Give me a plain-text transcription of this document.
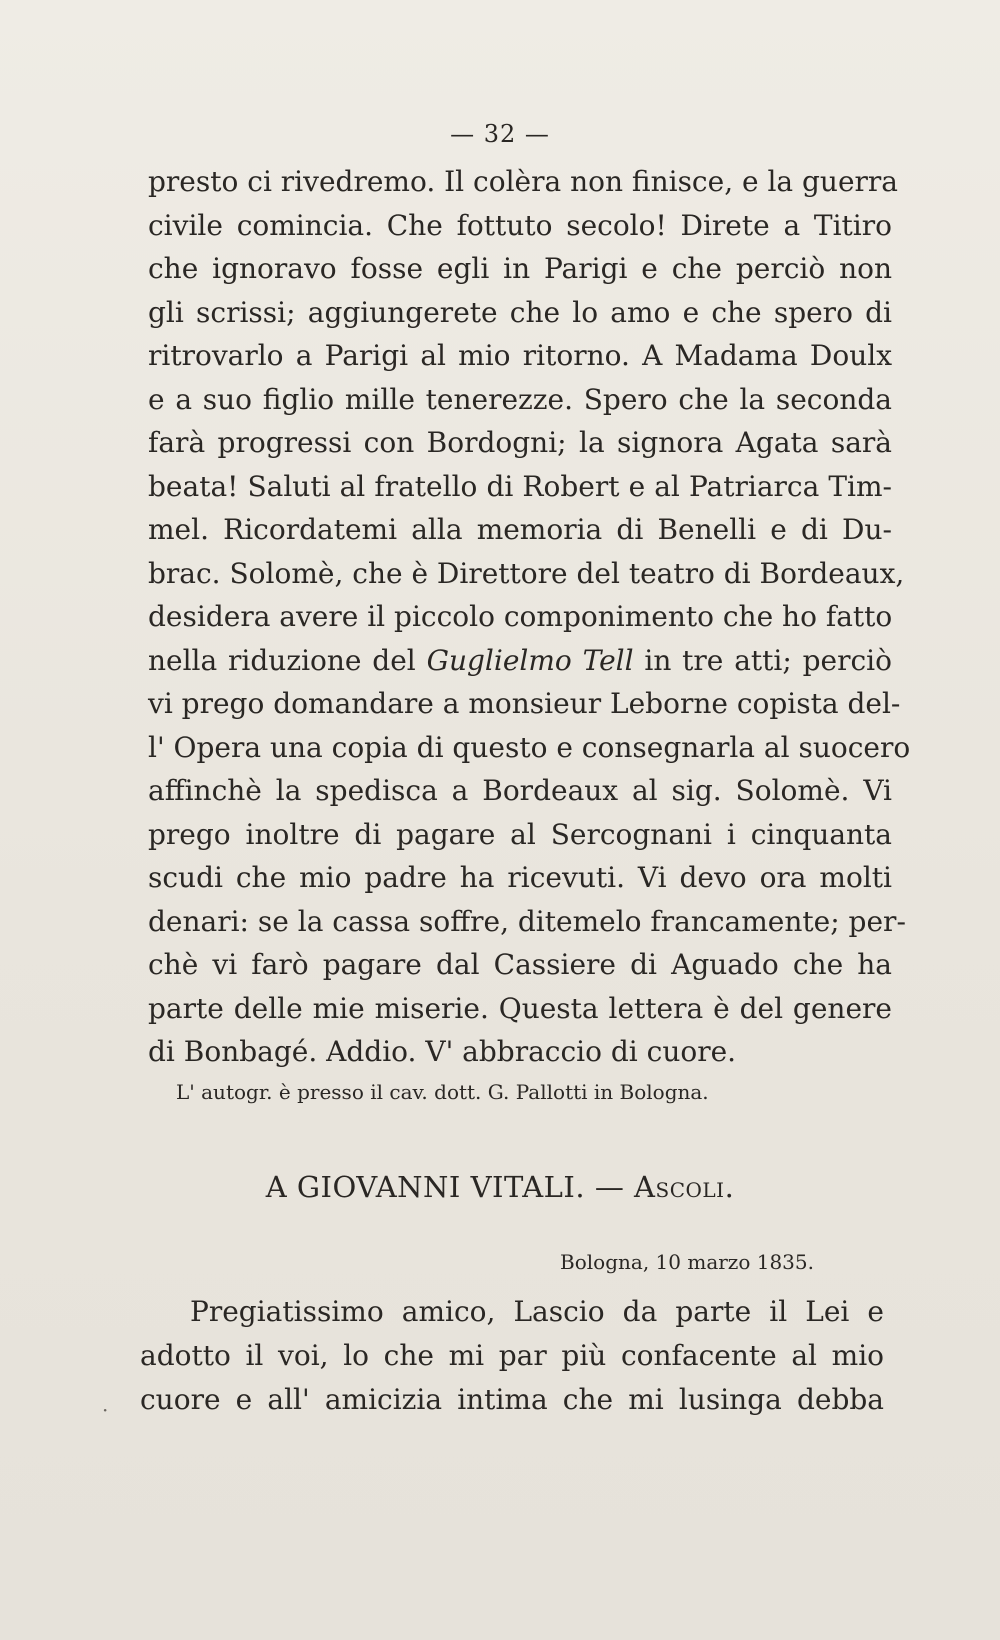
— 32 —
presto ci rivedremo. Il colèra non finisce, e la guerra
civile comincia. Che fottuto secolo! Direte a Titiro
che ignoravo fosse egli in Parigi e che perciò non
gli scrissi; aggiungerete che lo amo e che spero di
ritrovarlo a Parigi al mio ritorno. A Madama Doulx
e a suo figlio mille tenerezze. Spero che la seconda
farà progressi con Bordogni; la signora Agata sarà
beata! Saluti al fratello di Robert e al Patriarca Tim-
mel. Ricordatemi alla memoria di Benelli e di Du-
brac. Solomè, che è Direttore del teatro di Bordeaux,
desidera avere il piccolo componimento che ho fatto
nella riduzione del Guglielmo Tell in tre atti; perciò
vi prego domandare a monsieur Leborne copista del-
l' Opera una copia di questo e consegnarla al suocero
affinchè la spedisca a Bordeaux al sig. Solomè. Vi
prego inoltre di pagare al Sercognani i cinquanta
scudi che mio padre ha ricevuti. Vi devo ora molti
denari: se la cassa soffre, ditemelo francamente; per-
chè vi farò pagare dal Cassiere di Aguado che ha
parte delle mie miserie. Questa lettera è del genere
di Bonbagé. Addio. V' abbraccio di cuore.
L' autogr. è presso il cav. dott. G. Pallotti in Bologna.
A GIOVANNI VITALI. — Ascoli.
Bologna, 10 marzo 1835.
Pregiatissimo amico, Lascio da parte il Lei e
adotto il voi, lo che mi par più confacente al mio
cuore e all' amicizia intima che mi lusinga debba
·
